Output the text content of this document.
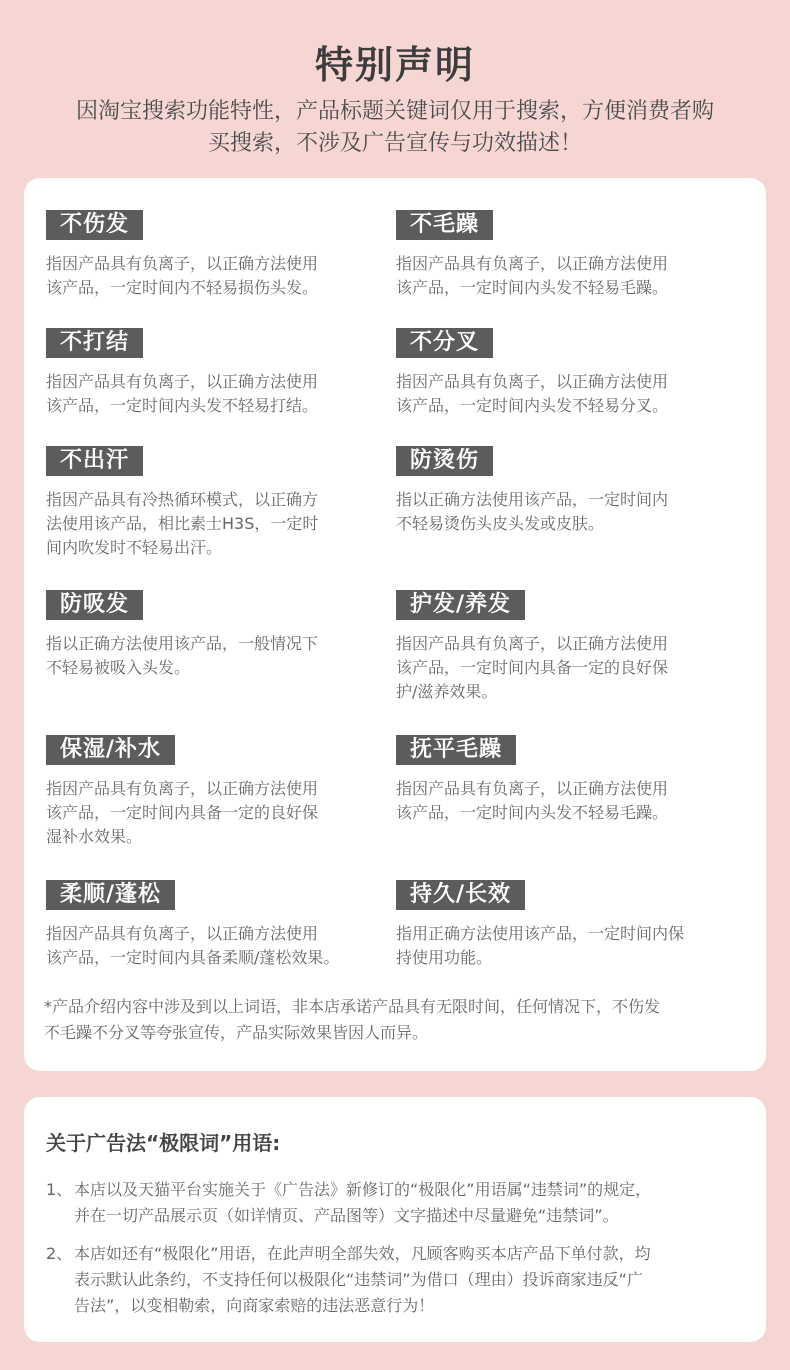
特别声明

因淘宝搜索功能特性，产品标题关键词仅用于搜索，方便消费者购
买搜索，不涉及广告宣传与功效描述！

不伤发
指因产品具有负离子，以正确方法使用
该产品，一定时间内不轻易损伤头发。
不毛躁
指因产品具有负离子，以正确方法使用
该产品，一定时间内头发不轻易毛躁。
不打结
指因产品具有负离子，以正确方法使用
该产品，一定时间内头发不轻易打结。
不分叉
指因产品具有负离子，以正确方法使用
该产品，一定时间内头发不轻易分叉。
不出汗
指因产品具有冷热循环模式，以正确方
法使用该产品，相比素士H3S，一定时
间内吹发时不轻易出汗。
防烫伤
指以正确方法使用该产品，一定时间内
不轻易烫伤头皮头发或皮肤。
防吸发
指以正确方法使用该产品，一般情况下
不轻易被吸入头发。
护发/养发
指因产品具有负离子，以正确方法使用
该产品，一定时间内具备一定的良好保
护/滋养效果。
保湿/补水
指因产品具有负离子，以正确方法使用
该产品，一定时间内具备一定的良好保
湿补水效果。
抚平毛躁
指因产品具有负离子，以正确方法使用
该产品，一定时间内头发不轻易毛躁。
柔顺/蓬松
指因产品具有负离子，以正确方法使用
该产品，一定时间内具备柔顺/蓬松效果。
持久/长效
指用正确方法使用该产品，一定时间内保
持使用功能。
*产品介绍内容中涉及到以上词语，非本店承诺产品具有无限时间，任何情况下，不伤发
不毛躁不分叉等夸张宣传，产品实际效果皆因人而异。
关于广告法“极限词”用语:
1、 本店以及天猫平台实施关于《广告法》新修订的“极限化”用语属“违禁词”的规定，
并在一切产品展示页（如详情页、产品图等）文字描述中尽量避免“违禁词”。
2、 本店如还有“极限化”用语，在此声明全部失效，凡顾客购买本店产品下单付款，均
表示默认此条约，不支持任何以极限化“违禁词”为借口（理由）投诉商家违反“广
告法”，以变相勒索，向商家索赔的违法恶意行为！
